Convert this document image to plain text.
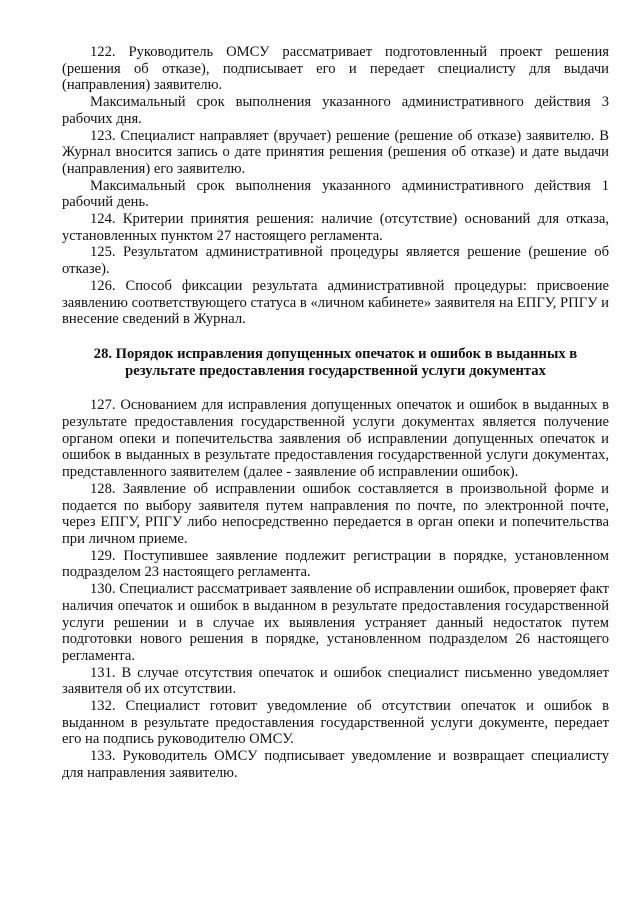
122. Руководитель ОМСУ рассматривает подготовленный проект решения (решения об отказе), подписывает его и передает специалисту для выдачи (направления) заявителю.

Максимальный срок выполнения указанного административного действия 3 рабочих дня.

123. Специалист направляет (вручает) решение (решение об отказе) заявителю. В Журнал вносится запись о дате принятия решения (решения об отказе) и дате выдачи (направления) его заявителю.

Максимальный срок выполнения указанного административного действия 1 рабочий день.

124. Критерии принятия решения: наличие (отсутствие) оснований для отказа, установленных пунктом 27 настоящего регламента.

125. Результатом административной процедуры является решение (решение об отказе).

126. Способ фиксации результата административной процедуры: присвоение заявлению соответствующего статуса в «личном кабинете» заявителя на ЕПГУ, РПГУ и внесение сведений в Журнал.

28. Порядок исправления допущенных опечаток и ошибок в выданных в результате предоставления государственной услуги документах

127. Основанием для исправления допущенных опечаток и ошибок в выданных в результате предоставления государственной услуги документах является получение органом опеки и попечительства заявления об исправлении допущенных опечаток и ошибок в выданных в результате предоставления государственной услуги документах, представленного заявителем (далее - заявление об исправлении ошибок).

128. Заявление об исправлении ошибок составляется в произвольной форме и подается по выбору заявителя путем направления по почте, по электронной почте, через ЕПГУ, РПГУ либо непосредственно передается в орган опеки и попечительства при личном приеме.

129. Поступившее заявление подлежит регистрации в порядке, установленном подразделом 23 настоящего регламента.

130. Специалист рассматривает заявление об исправлении ошибок, проверяет факт наличия опечаток и ошибок в выданном в результате предоставления государственной услуги решении и в случае их выявления устраняет данный недостаток путем подготовки нового решения в порядке, установленном подразделом 26 настоящего регламента.

131. В случае отсутствия опечаток и ошибок специалист письменно уведомляет заявителя об их отсутствии.

132. Специалист готовит уведомление об отсутствии опечаток и ошибок в выданном в результате предоставления государственной услуги документе, передает его на подпись руководителю ОМСУ.

133. Руководитель ОМСУ подписывает уведомление и возвращает специалисту для направления заявителю.
